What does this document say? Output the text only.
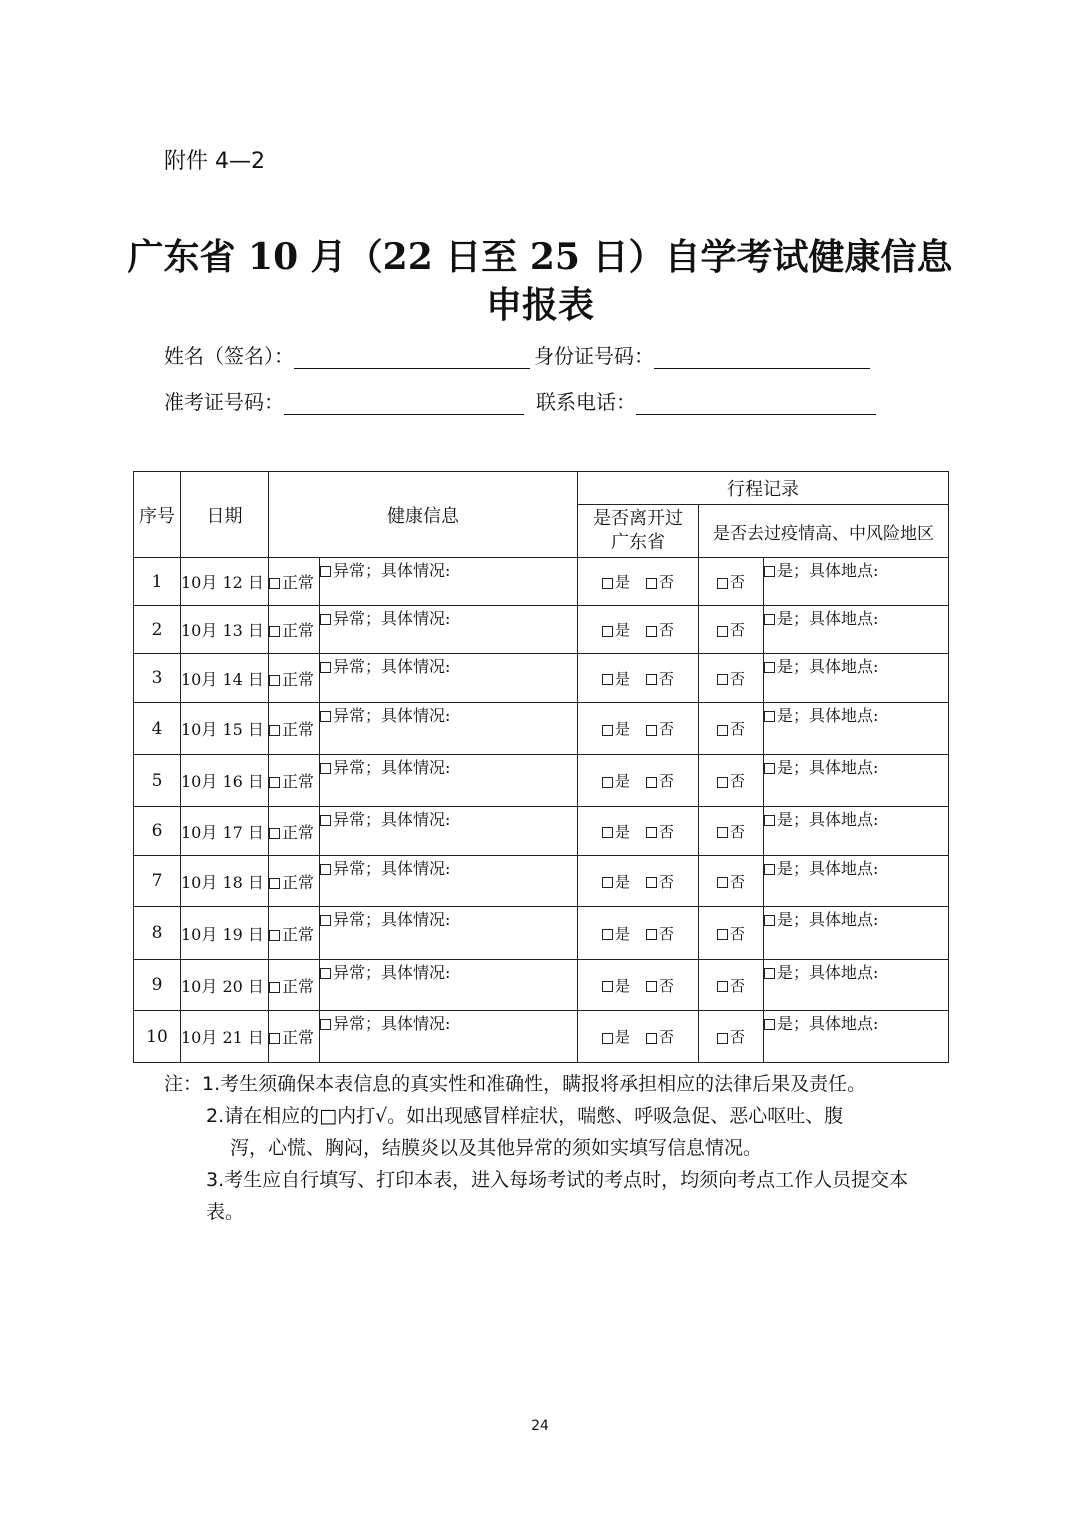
附件 4—2
广东省 10 月（22 日至 25 日）自学考试健康信息
申报表
姓名（签名）：	身份证号码：
准考证号码：	联系电话：
序号	日期	健康信息		行程记录		
				是否离开过广东省	是否去过疫情高、中风险地区	
1	10月 12 日	正常	异常；具体情况:	是 否	否	是；具体地点:
2	10月 13 日	正常	异常；具体情况:	是 否	否	是；具体地点:
3	10月 14 日	正常	异常；具体情况:	是 否	否	是；具体地点:
4	10月 15 日	正常	异常；具体情况:	是 否	否	是；具体地点:
5	10月 16 日	正常	异常；具体情况:	是 否	否	是；具体地点:
6	10月 17 日	正常	异常；具体情况:	是 否	否	是；具体地点:
7	10月 18 日	正常	异常；具体情况:	是 否	否	是；具体地点:
8	10月 19 日	正常	异常；具体情况:	是 否	否	是；具体地点:
9	10月 20 日	正常	异常；具体情况:	是 否	否	是；具体地点:
10	10月 21 日	正常	异常；具体情况:	是 否	否	是；具体地点:

注：1.考生须确保本表信息的真实性和准确性，瞒报将承担相应的法律后果及责任。

2.请在相应的□内打√。如出现感冒样症状，喘憋、呼吸急促、恶心呕吐、腹
泻，心慌、胸闷，结膜炎以及其他异常的须如实填写信息情况。

3.考生应自行填写、打印本表，进入每场考试的考点时，均须向考点工作人员提交本表。

24
